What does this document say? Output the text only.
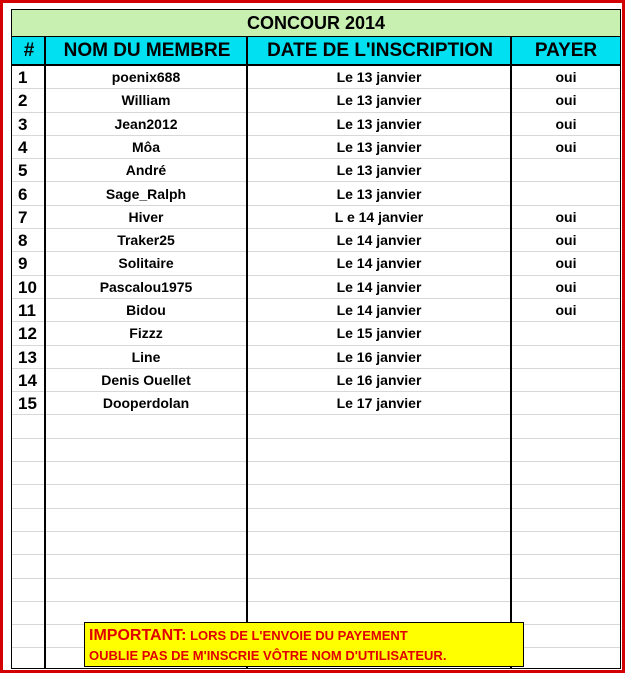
CONCOUR 2014
#	NOM DU MEMBRE	DATE DE L'INSCRIPTION	PAYER
1	poenix688	Le 13 janvier	oui
2	William	Le 13 janvier	oui
3	Jean2012	Le 13 janvier	oui
4	Môa	Le 13 janvier	oui
5	André	Le 13 janvier
6	Sage_Ralph	Le 13 janvier
7	Hiver	L e 14 janvier	oui
8	Traker25	Le 14 janvier	oui
9	Solitaire	Le 14 janvier	oui
10	Pascalou1975	Le 14 janvier	oui
11	Bidou	Le 14 janvier	oui
12	Fizzz	Le 15 janvier
13	Line	Le 16 janvier
14	Denis Ouellet	Le 16 janvier
15	Dooperdolan	Le 17 janvier
IMPORTANT: LORS DE L'ENVOIE DU PAYEMENT
OUBLIE PAS DE M'INSCRIE VÔTRE NOM D'UTILISATEUR.
